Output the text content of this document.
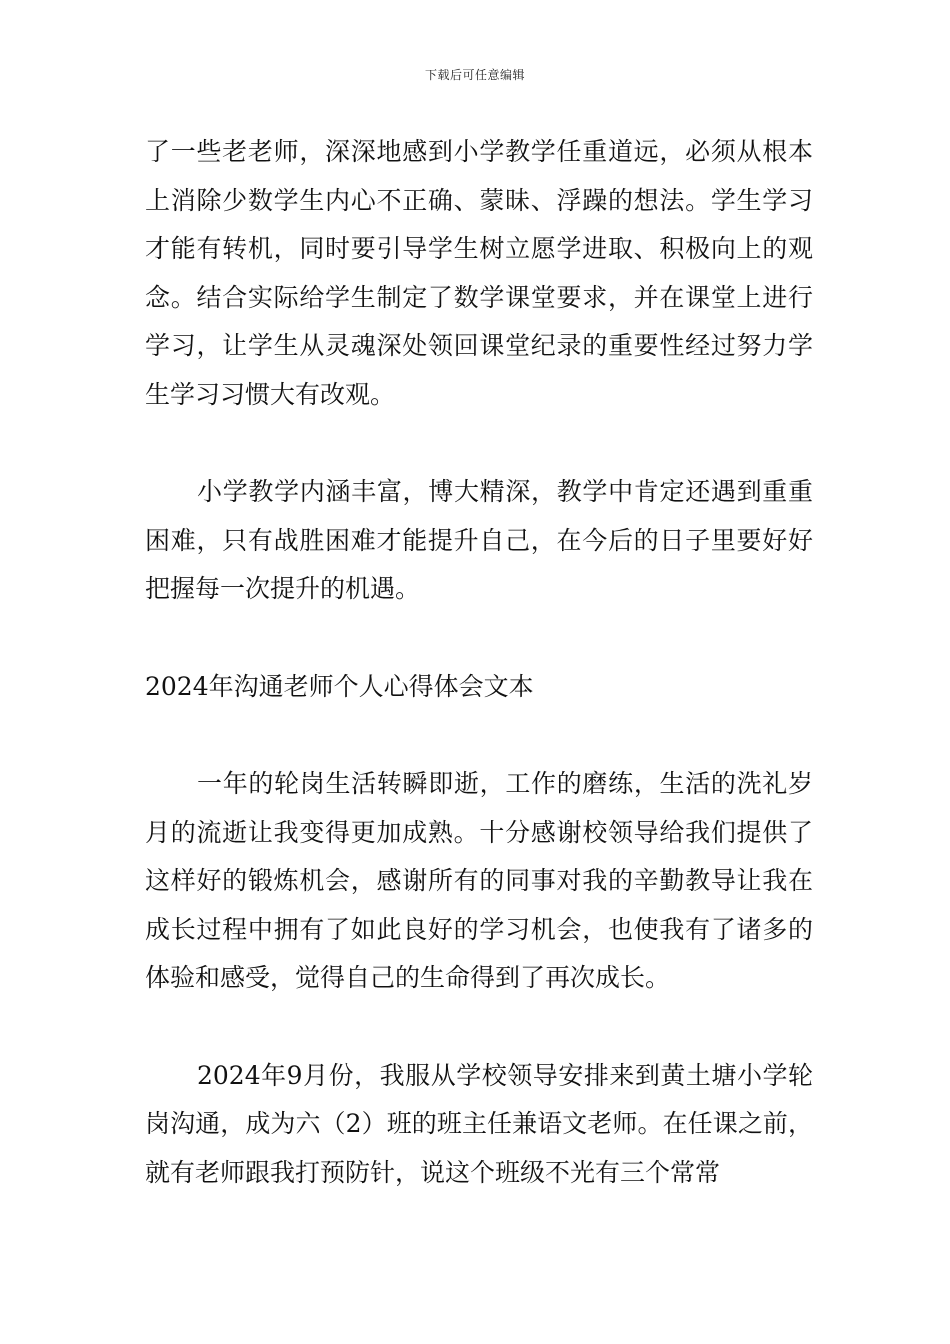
下载后可任意编辑

了一些老老师，深深地感到小学教学任重道远，必须从根本上消除少数学生内心不正确、蒙昧、浮躁的想法。学生学习才能有转机，同时要引导学生树立愿学进取、积极向上的观念。结合实际给学生制定了数学课堂要求，并在课堂上进行学习，让学生从灵魂深处领回课堂纪录的重要性经过努力学生学习习惯大有改观。

小学教学内涵丰富，博大精深，教学中肯定还遇到重重困难，只有战胜困难才能提升自己，在今后的日子里要好好把握每一次提升的机遇。

2024年沟通老师个人心得体会文本

一年的轮岗生活转瞬即逝，工作的磨练，生活的洗礼岁月的流逝让我变得更加成熟。十分感谢校领导给我们提供了这样好的锻炼机会，感谢所有的同事对我的辛勤教导让我在成长过程中拥有了如此良好的学习机会，也使我有了诸多的体验和感受，觉得自己的生命得到了再次成长。

2024年9月份，我服从学校领导安排来到黄土塘小学轮岗沟通，成为六（2）班的班主任兼语文老师。在任课之前，就有老师跟我打预防针，说这个班级不光有三个常常
